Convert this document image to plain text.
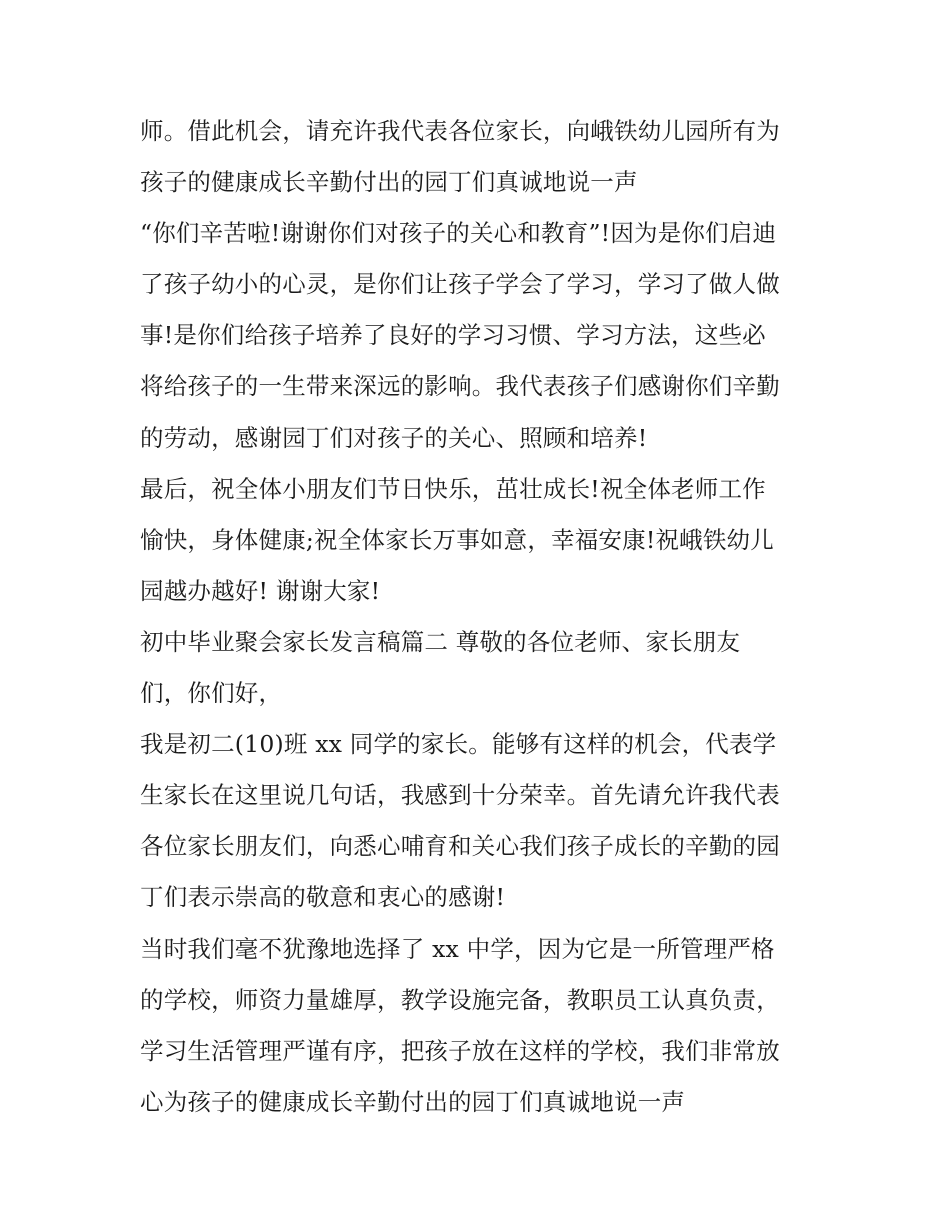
师。借此机会，请充许我代表各位家长，向峨铁幼儿园所有为
孩子的健康成长辛勤付出的园丁们真诚地说一声
“你们辛苦啦!谢谢你们对孩子的关心和教育”!因为是你们启迪
了孩子幼小的心灵，是你们让孩子学会了学习，学习了做人做
事!是你们给孩子培养了良好的学习习惯、学习方法，这些必
将给孩子的一生带来深远的影响。我代表孩子们感谢你们辛勤
的劳动，感谢园丁们对孩子的关心、照顾和培养!
最后，祝全体小朋友们节日快乐，茁壮成长!祝全体老师工作
愉快，身体健康;祝全体家长万事如意，幸福安康!祝峨铁幼儿
园越办越好! 谢谢大家!
初中毕业聚会家长发言稿篇二 尊敬的各位老师、家长朋友
们，你们好，
我是初二(10)班 xx 同学的家长。能够有这样的机会，代表学
生家长在这里说几句话，我感到十分荣幸。首先请允许我代表
各位家长朋友们，向悉心哺育和关心我们孩子成长的辛勤的园
丁们表示崇高的敬意和衷心的感谢!
当时我们毫不犹豫地选择了 xx 中学，因为它是一所管理严格
的学校，师资力量雄厚，教学设施完备，教职员工认真负责，
学习生活管理严谨有序，把孩子放在这样的学校，我们非常放
心为孩子的健康成长辛勤付出的园丁们真诚地说一声
